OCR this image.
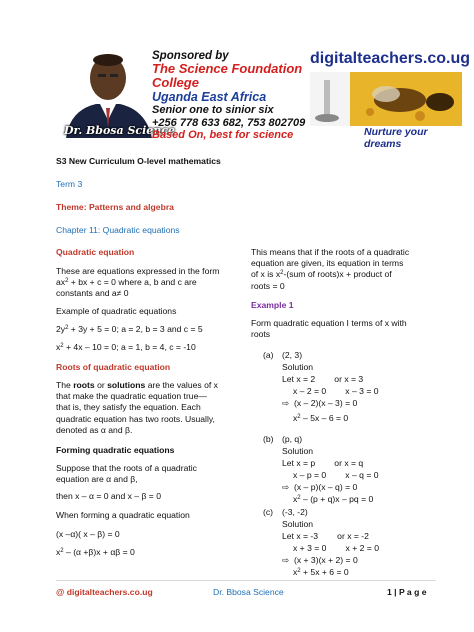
Dr. Bbosa Science
Sponsored by
The Science Foundation College
Uganda East Africa
Senior one to sinior six
+256 778 633 682, 753 802709
Based On, best for science
digitalteachers.co.ug
Nurture your dreams
S3 New Curriculum O-level mathematics
Term 3
Theme: Patterns and algebra
Chapter 11: Quadratic equations
Quadratic equation

These are equations expressed in the form

$ax^2$ + bx + c = 0 where a, b and c are

constants and a≠ 0

Example of quadratic equations
$2y^2 + 3y + 5 = 0$; a = 2, b = 3 and c = 5
$x^2 + 4x - 10 = 0$; a = 1, b = 4, c = -10
Roots of quadratic equation

The roots or solutions are the values of x

that make the quadratic equation true—

that is, they satisfy the equation. Each

quadratic equation has two roots. Usually,

denoted as α and β.

Forming quadratic equations

Suppose that the roots of a quadratic

equation are α and β,

then x – α = 0 and x – β = 0
When forming a quadratic equation
(x –α)( x – β) = 0
$x^2 - (\alpha +\beta)x + \alpha\beta = 0$

This means that if the roots of a quadratic

equation are given, its equation in terms

of x is $x^2-(sum$ of roots)x + product of

roots = 0

Example 1

Form quadratic equation I terms of x with

roots

(a) (2, 3)
Solution
Let x = 2        or x = 3
x – 2 = 0        x – 3 = 0
⇨  (x – 2)(x – 3) = 0
$x^2 - 5x - 6 = 0$
(b) (p, q)
Solution
Let x = p        or x = q
x – p = 0        x – q = 0
⇨  (x – p)(x – q) = 0
$x^2 - (p + q)x$ – pq = 0
(c) (-3, -2)
Solution
Let x = -3        or x = -2
x + 3 = 0        x + 2 = 0
⇨  (x + 3)(x + 2) = 0
$x^2 + 5x + 6 = 0$
@ digitalteachers.co.ug	Dr. Bbosa Science	1 | P a g e
